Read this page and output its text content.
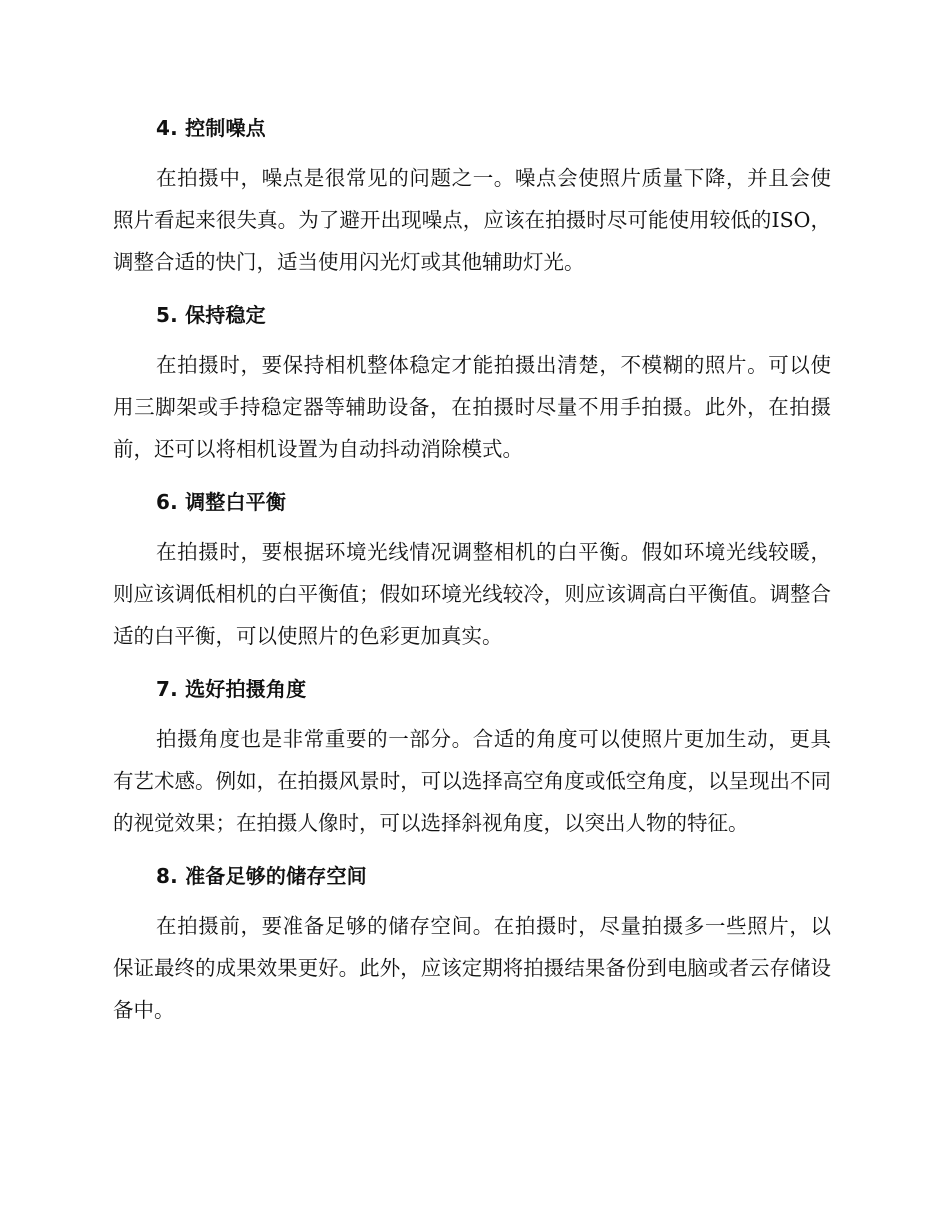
4. 控制噪点

在拍摄中，噪点是很常见的问题之一。噪点会使照片质量下降，并且会使照片看起来很失真。为了避开出现噪点，应该在拍摄时尽可能使用较低的ISO，调整合适的快门，适当使用闪光灯或其他辅助灯光。

5. 保持稳定

在拍摄时，要保持相机整体稳定才能拍摄出清楚，不模糊的照片。可以使用三脚架或手持稳定器等辅助设备，在拍摄时尽量不用手拍摄。此外，在拍摄前，还可以将相机设置为自动抖动消除模式。

6. 调整白平衡

在拍摄时，要根据环境光线情况调整相机的白平衡。假如环境光线较暖，则应该调低相机的白平衡值；假如环境光线较冷，则应该调高白平衡值。调整合适的白平衡，可以使照片的色彩更加真实。

7. 选好拍摄角度

拍摄角度也是非常重要的一部分。合适的角度可以使照片更加生动，更具有艺术感。例如，在拍摄风景时，可以选择高空角度或低空角度，以呈现出不同的视觉效果；在拍摄人像时，可以选择斜视角度，以突出人物的特征。

8. 准备足够的储存空间

在拍摄前，要准备足够的储存空间。在拍摄时，尽量拍摄多一些照片，以保证最终的成果效果更好。此外，应该定期将拍摄结果备份到电脑或者云存储设备中。
